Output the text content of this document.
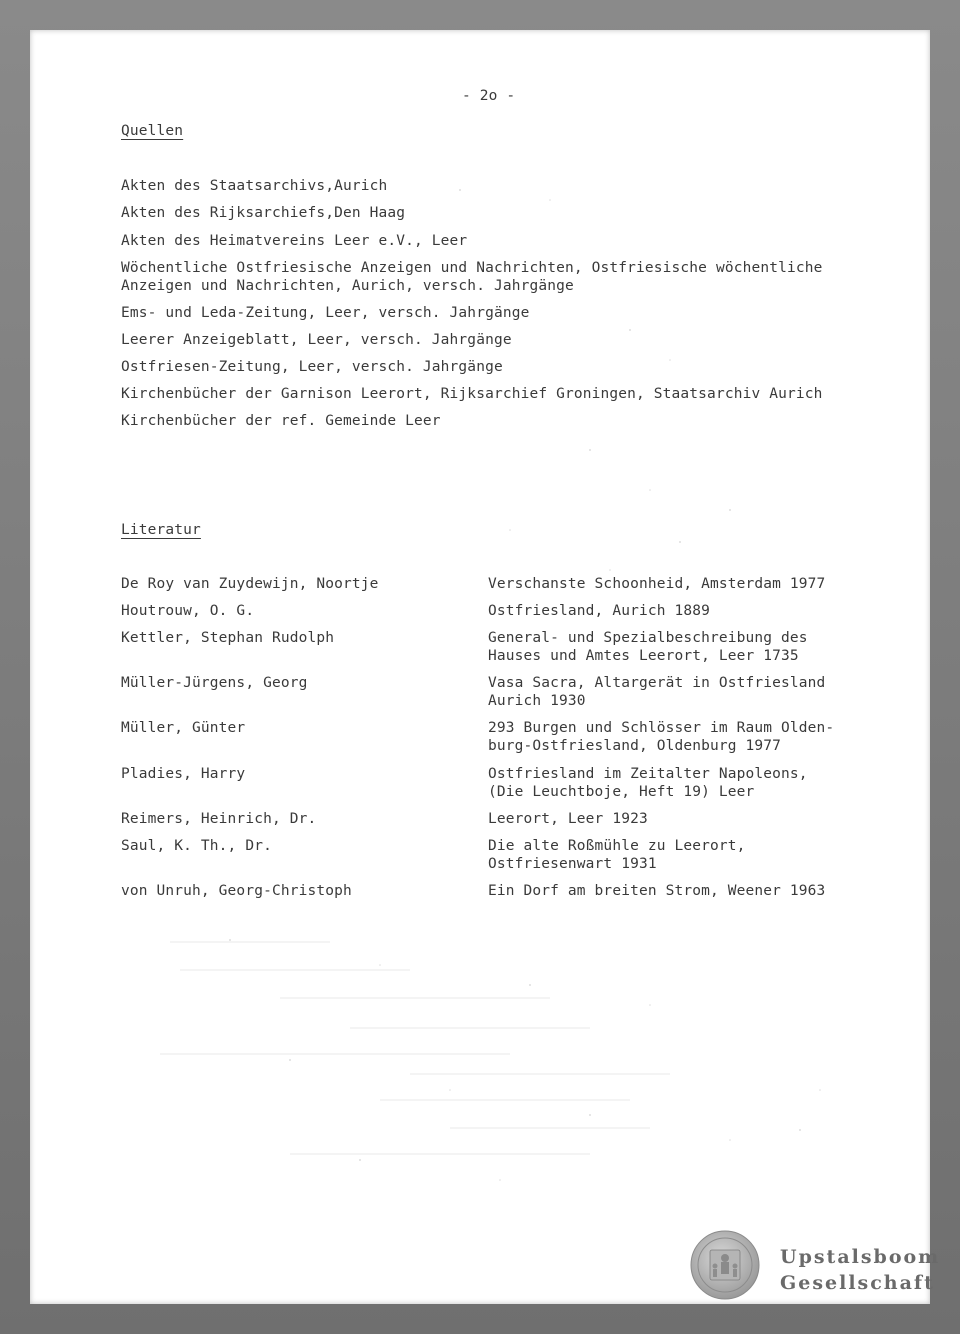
- 2o -

Quellen

Akten des Staatsarchivs,Aurich

Akten des Rijksarchiefs,Den Haag

Akten des Heimatvereins Leer e.V., Leer

Wöchentliche Ostfriesische Anzeigen und Nachrichten, Ostfriesische wöchentliche

Anzeigen und Nachrichten, Aurich, versch. Jahrgänge

Ems- und Leda-Zeitung, Leer, versch. Jahrgänge

Leerer Anzeigeblatt, Leer, versch. Jahrgänge

Ostfriesen-Zeitung, Leer, versch. Jahrgänge

Kirchenbücher der Garnison Leerort, Rijksarchief Groningen, Staatsarchiv Aurich

Kirchenbücher der ref. Gemeinde Leer

Literatur

De Roy van Zuydewijn, Noortje	Verschanste Schoonheid, Amsterdam 1977

Houtrouw, O. G.	Ostfriesland, Aurich 1889

Kettler, Stephan Rudolph	General- und Spezialbeschreibung des
Hauses und Amtes Leerort, Leer 1735

Müller-Jürgens, Georg	Vasa Sacra, Altargerät in Ostfriesland
Aurich 1930

Müller, Günter	293 Burgen und Schlösser im Raum Olden-
burg-Ostfriesland, Oldenburg 1977

Pladies, Harry	Ostfriesland im Zeitalter Napoleons,
(Die Leuchtboje, Heft 19) Leer

Reimers, Heinrich, Dr.	Leerort, Leer 1923

Saul, K. Th., Dr.	Die alte Roßmühle zu Leerort,
Ostfriesenwart 1931

von Unruh, Georg-Christoph	Ein Dorf am breiten Strom, Weener 1963

Upstalsboom
Gesellschaft
